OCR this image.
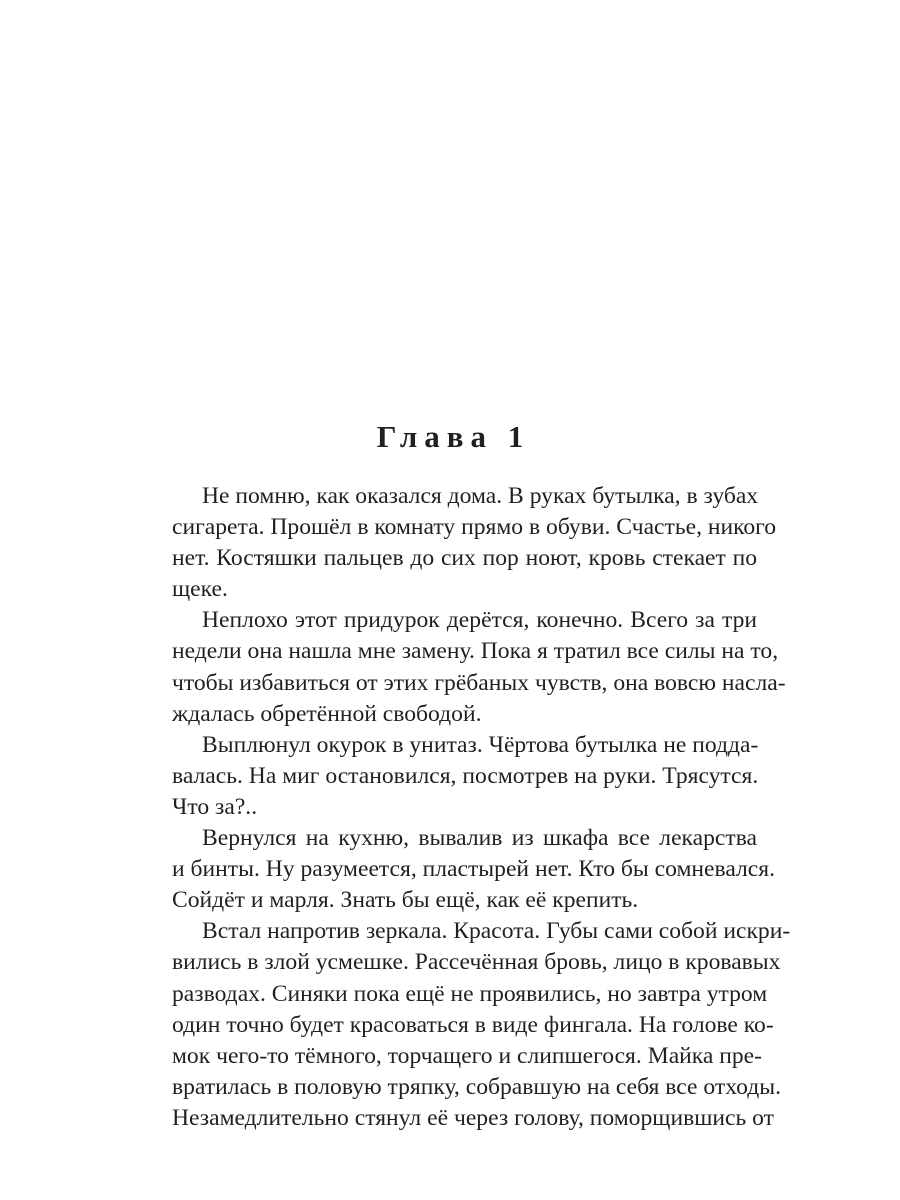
Глава 1
Не помню, как оказался дома. В руках бутылка, в зубах
сигарета. Прошёл в комнату прямо в обуви. Счастье, никого
нет. Костяшки пальцев до сих пор ноют, кровь стекает по
щеке.
Неплохо этот придурок дерётся, конечно. Всего за три
недели она нашла мне замену. Пока я тратил все силы на то,
чтобы избавиться от этих грёбаных чувств, она вовсю насла-
ждалась обретённой свободой.
Выплюнул окурок в унитаз. Чёртова бутылка не подда-
валась. На миг остановился, посмотрев на руки. Трясутся.
Что за?..
Вернулся на кухню, вывалив из шкафа все лекарства
и бинты. Ну разумеется, пластырей нет. Кто бы сомневался.
Сойдёт и марля. Знать бы ещё, как её крепить.
Встал напротив зеркала. Красота. Губы сами собой искри-
вились в злой усмешке. Рассечённая бровь, лицо в кровавых
разводах. Синяки пока ещё не проявились, но завтра утром
один точно будет красоваться в виде фингала. На голове ко-
мок чего-то тёмного, торчащего и слипшегося. Майка пре-
вратилась в половую тряпку, собравшую на себя все отходы.
Незамедлительно стянул её через голову, поморщившись от
